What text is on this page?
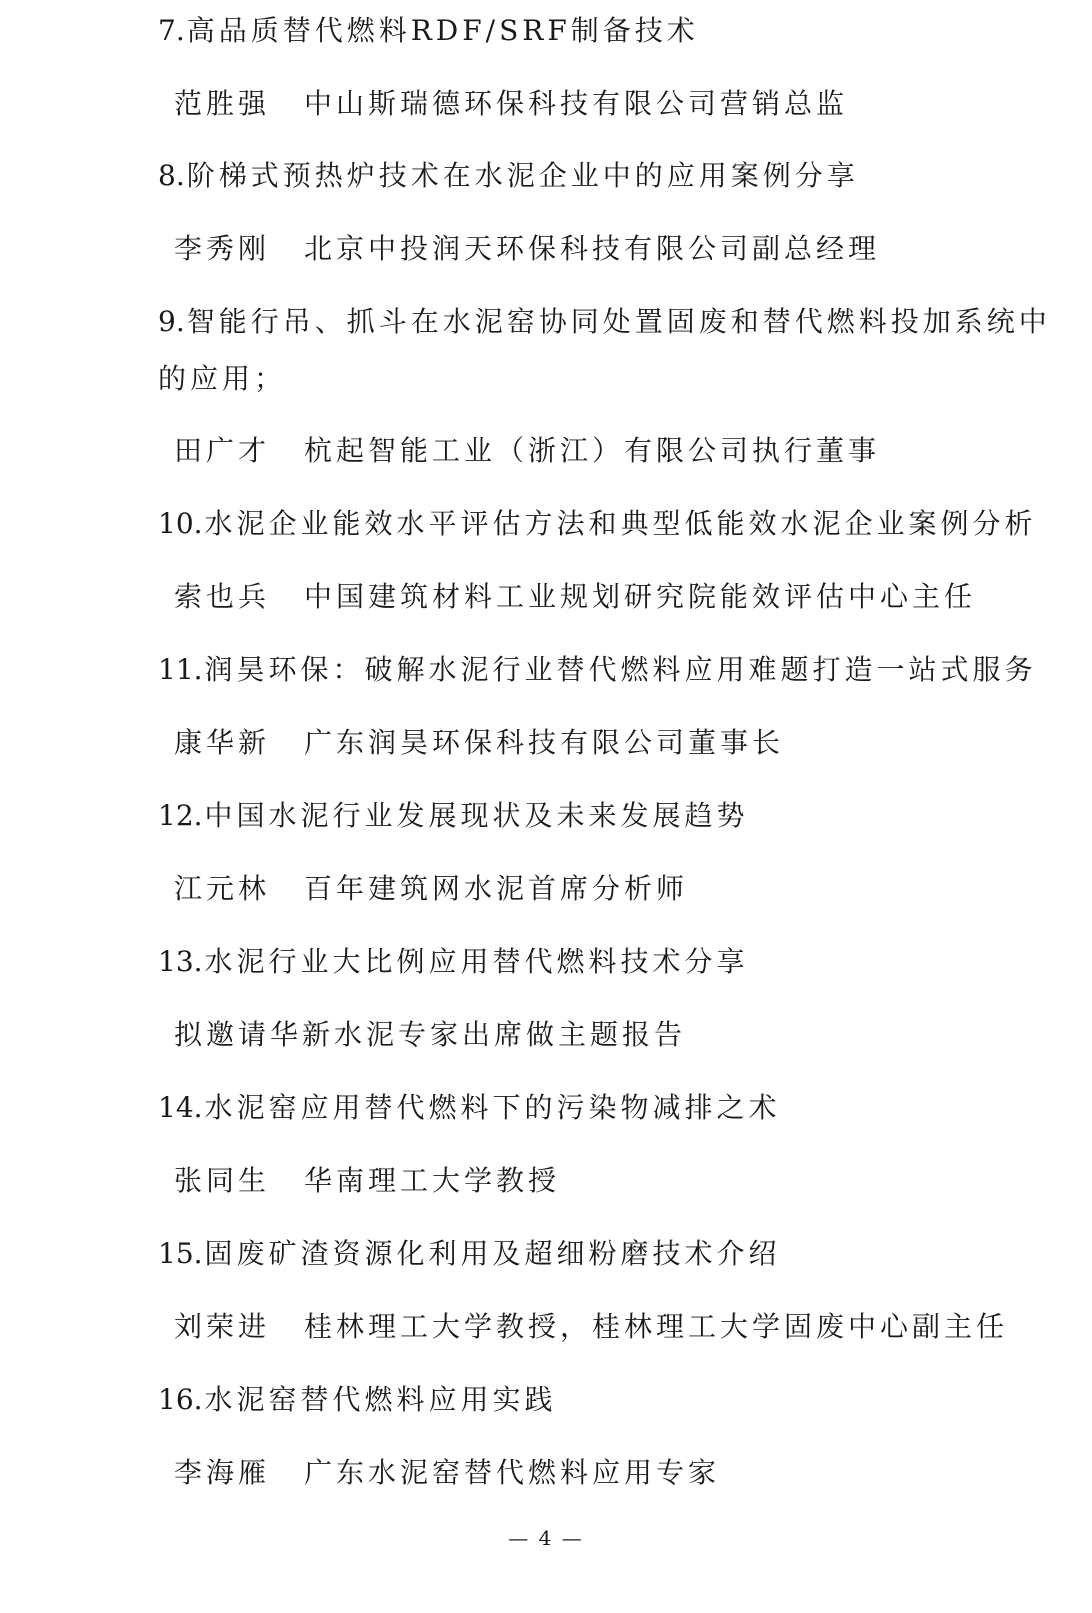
7.高品质替代燃料RDF/SRF制备技术
范胜强 中山斯瑞德环保科技有限公司营销总监
8.阶梯式预热炉技术在水泥企业中的应用案例分享
李秀刚 北京中投润天环保科技有限公司副总经理
9.智能行吊、抓斗在水泥窑协同处置固废和替代燃料投加系统中
的应用；
田广才 杭起智能工业（浙江）有限公司执行董事
10.水泥企业能效水平评估方法和典型低能效水泥企业案例分析
索也兵 中国建筑材料工业规划研究院能效评估中心主任
11.润昊环保：破解水泥行业替代燃料应用难题打造一站式服务
康华新 广东润昊环保科技有限公司董事长
12.中国水泥行业发展现状及未来发展趋势
江元林 百年建筑网水泥首席分析师
13.水泥行业大比例应用替代燃料技术分享
拟邀请华新水泥专家出席做主题报告
14.水泥窑应用替代燃料下的污染物减排之术
张同生 华南理工大学教授
15.固废矿渣资源化利用及超细粉磨技术介绍
刘荣进 桂林理工大学教授，桂林理工大学固废中心副主任
16.水泥窑替代燃料应用实践
李海雁 广东水泥窑替代燃料应用专家
— 4 —
